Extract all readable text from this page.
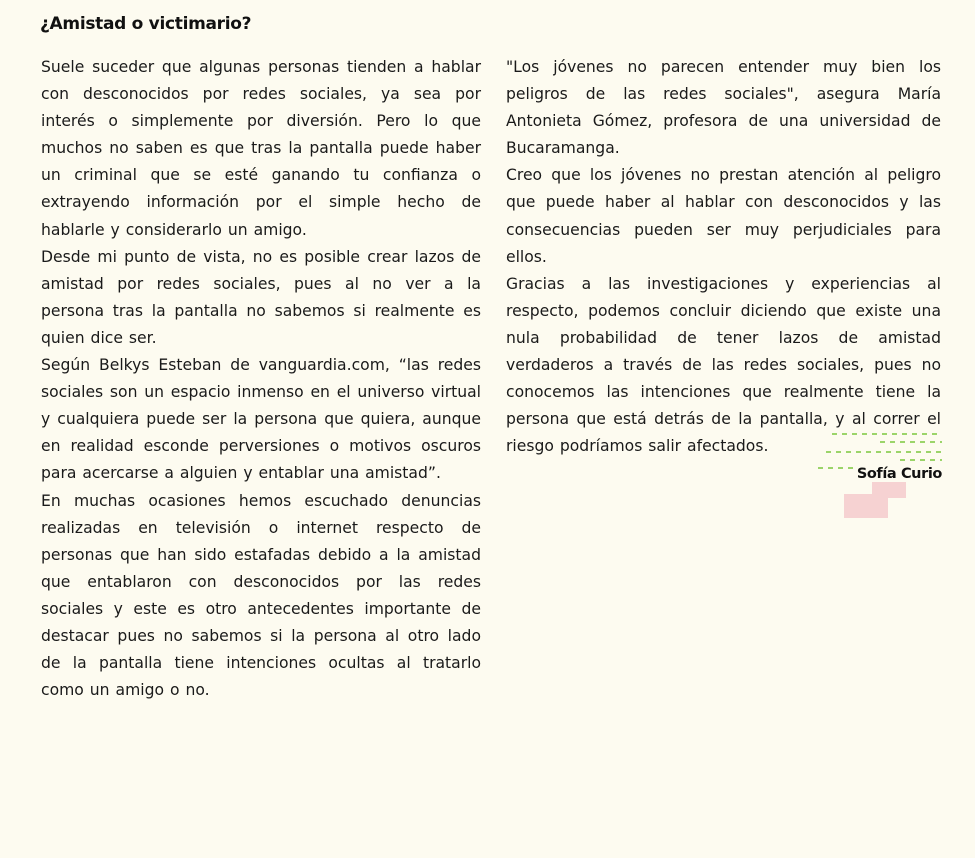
¿Amistad o victimario?

Suele suceder que algunas personas tienden a hablar con desconocidos por redes sociales, ya sea por interés o simplemente por diversión. Pero lo que muchos no saben es que tras la pantalla puede haber un criminal que se esté ganando tu confianza o extrayendo información por el simple hecho de hablarle y considerarlo un amigo.

Desde mi punto de vista, no es posible crear lazos de amistad por redes sociales, pues al no ver a la persona tras la pantalla no sabemos si realmente es quien dice ser.

Según Belkys Esteban de vanguardia.com, “las redes sociales son un espacio inmenso en el universo virtual y cualquiera puede ser la persona que quiera, aunque en realidad esconde perversiones o motivos oscuros para acercarse a alguien y entablar una amistad”.

En muchas ocasiones hemos escuchado denuncias realizadas en televisión o internet respecto de personas que han sido estafadas debido a la amistad que entablaron con desconocidos por las redes sociales y este es otro antecedentes importante de destacar pues no sabemos si la persona al otro lado de la pantalla tiene intenciones ocultas al tratarlo como un amigo o no.

"Los jóvenes no parecen entender muy bien los peligros de las redes sociales", asegura María Antonieta Gómez, profesora de una universidad de Bucaramanga.

Creo que los jóvenes no prestan atención al peligro que puede haber al hablar con desconocidos y las consecuencias pueden ser muy perjudiciales para ellos.

Gracias a las investigaciones y experiencias al respecto, podemos concluir diciendo que existe una nula probabilidad de tener lazos de amistad verdaderos a través de las redes sociales, pues no conocemos las intenciones que realmente tiene la persona que está detrás de la pantalla, y al correr el riesgo podríamos salir afectados.

Sofía Curio
